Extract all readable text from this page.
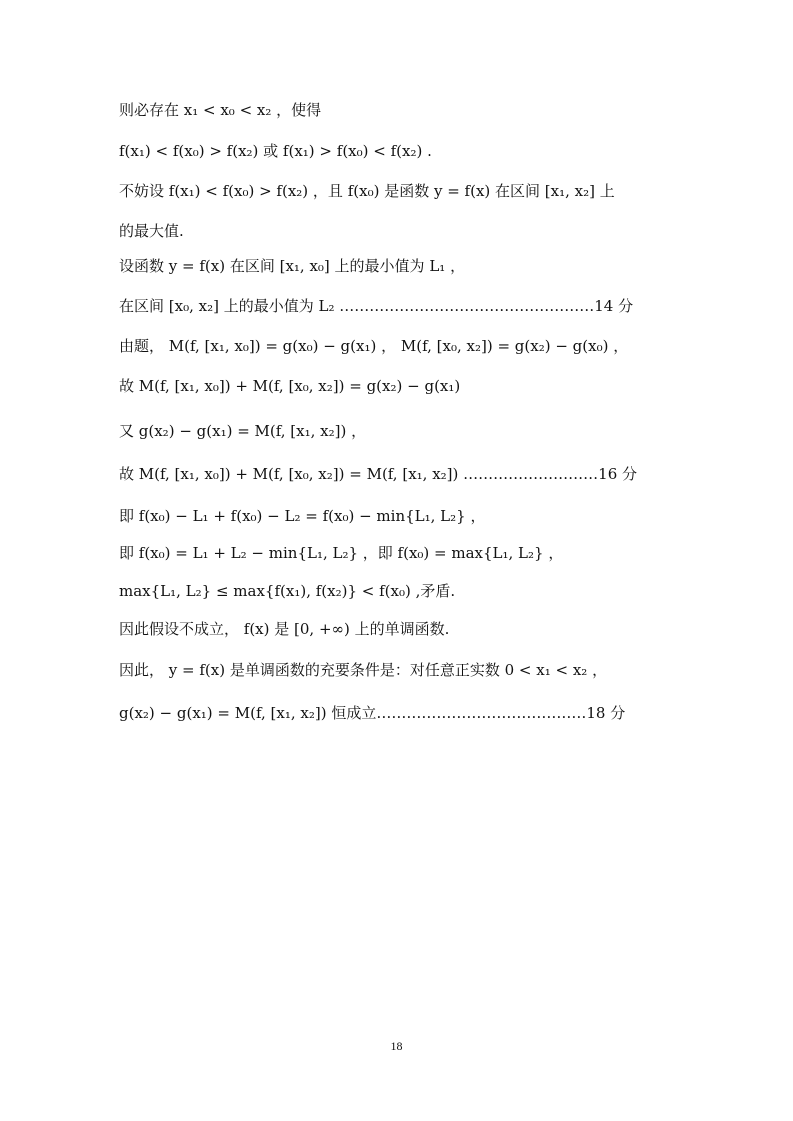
则必存在 x₁ < x₀ < x₂ ，使得
f(x₁) < f(x₀) > f(x₂) 或 f(x₁) > f(x₀) < f(x₂) .
不妨设 f(x₁) < f(x₀) > f(x₂) ，且 f(x₀) 是函数 y = f(x) 在区间 [x₁, x₂] 上
的最大值.
设函数 y = f(x) 在区间 [x₁, x₀] 上的最小值为 L₁ ，
在区间 [x₀, x₂] 上的最小值为 L₂ ……………………………………………14 分
由题， M(f, [x₁, x₀]) = g(x₀) − g(x₁) ， M(f, [x₀, x₂]) = g(x₂) − g(x₀) ，
故 M(f, [x₁, x₀]) + M(f, [x₀, x₂]) = g(x₂) − g(x₁)
又 g(x₂) − g(x₁) = M(f, [x₁, x₂]) ，
故 M(f, [x₁, x₀]) + M(f, [x₀, x₂]) = M(f, [x₁, x₂]) ………………………16 分
即 f(x₀) − L₁ + f(x₀) − L₂ = f(x₀) − min{L₁, L₂} ，
即 f(x₀) = L₁ + L₂ − min{L₁, L₂} ，即 f(x₀) = max{L₁, L₂} ，
max{L₁, L₂} ≤ max{f(x₁), f(x₂)} < f(x₀) ,矛盾.
因此假设不成立， f(x) 是 [0, +∞) 上的单调函数.
因此， y = f(x) 是单调函数的充要条件是：对任意正实数 0 < x₁ < x₂ ，
g(x₂) − g(x₁) = M(f, [x₁, x₂]) 恒成立……………………………………18 分
18
